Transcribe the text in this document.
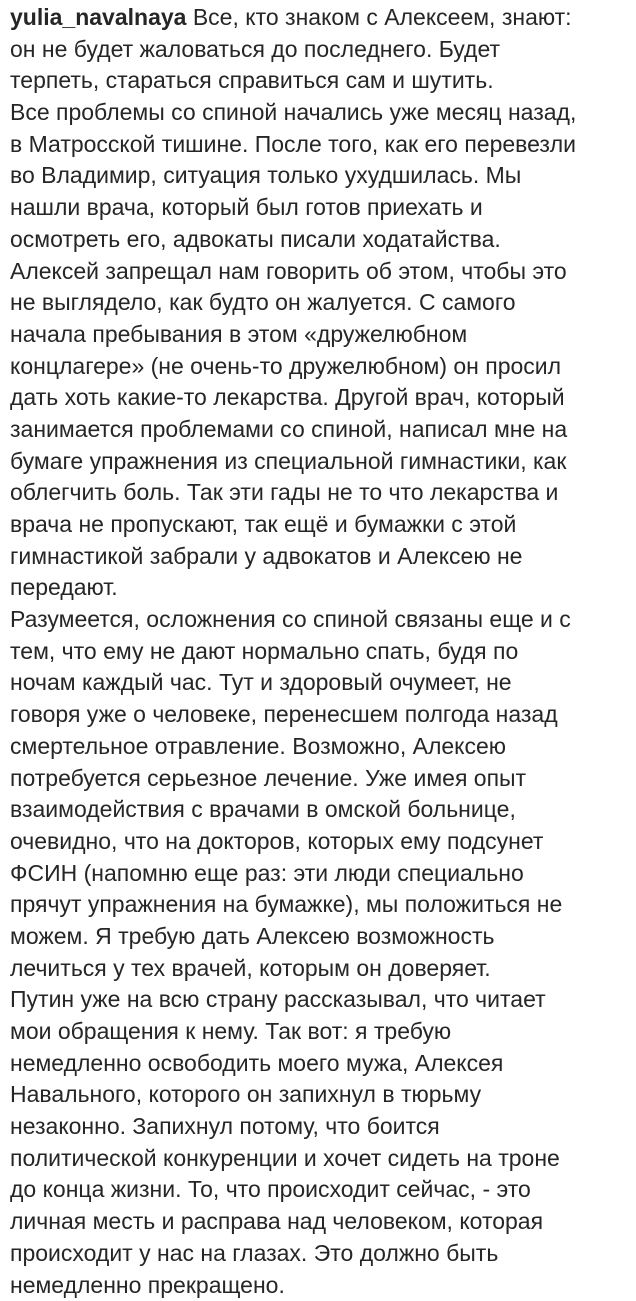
yulia_navalnaya Все, кто знаком с Алексеем, знают:
он не будет жаловаться до последнего. Будет
терпеть, стараться справиться сам и шутить.
Все проблемы со спиной начались уже месяц назад,
в Матросской тишине. После того, как его перевезли
во Владимир, ситуация только ухудшилась. Мы
нашли врача, который был готов приехать и
осмотреть его, адвокаты писали ходатайства.
Алексей запрещал нам говорить об этом, чтобы это
не выглядело, как будто он жалуется. С самого
начала пребывания в этом «дружелюбном
концлагере» (не очень-то дружелюбном) он просил
дать хоть какие-то лекарства. Другой врач, который
занимается проблемами со спиной, написал мне на
бумаге упражнения из специальной гимнастики, как
облегчить боль. Так эти гады не то что лекарства и
врача не пропускают, так ещё и бумажки с этой
гимнастикой забрали у адвокатов и Алексею не
передают.
Разумеется, осложнения со спиной связаны еще и с
тем, что ему не дают нормально спать, будя по
ночам каждый час. Тут и здоровый очумеет, не
говоря уже о человеке, перенесшем полгода назад
смертельное отравление. Возможно, Алексею
потребуется серьезное лечение. Уже имея опыт
взаимодействия с врачами в омской больнице,
очевидно, что на докторов, которых ему подсунет
ФСИН (напомню еще раз: эти люди специально
прячут упражнения на бумажке), мы положиться не
можем. Я требую дать Алексею возможность
лечиться у тех врачей, которым он доверяет.
Путин уже на всю страну рассказывал, что читает
мои обращения к нему. Так вот: я требую
немедленно освободить моего мужа, Алексея
Навального, которого он запихнул в тюрьму
незаконно. Запихнул потому, что боится
политической конкуренции и хочет сидеть на троне
до конца жизни. То, что происходит сейчас, - это
личная месть и расправа над человеком, которая
происходит у нас на глазах. Это должно быть
немедленно прекращено.
